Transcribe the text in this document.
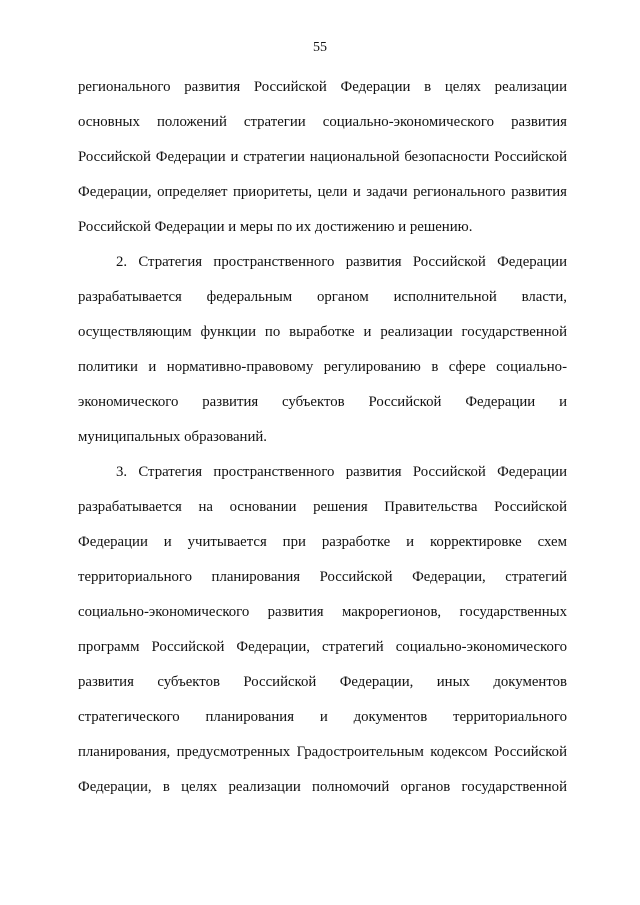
55
регионального развития Российской Федерации в целях реализации
основных положений стратегии социально-экономического развития
Российской Федерации и стратегии национальной безопасности Российской
Федерации, определяет приоритеты, цели и задачи регионального развития
Российской Федерации и меры по их достижению и решению.
2. Стратегия пространственного развития Российской Федерации
разрабатывается федеральным органом исполнительной власти,
осуществляющим функции по выработке и реализации государственной
политики и нормативно-правовому регулированию в сфере социально-
экономического развития субъектов Российской Федерации и
муниципальных образований.
3. Стратегия пространственного развития Российской Федерации
разрабатывается на основании решения Правительства Российской
Федерации и учитывается при разработке и корректировке схем
территориального планирования Российской Федерации, стратегий
социально-экономического развития макрорегионов, государственных
программ Российской Федерации, стратегий социально-экономического
развития субъектов Российской Федерации, иных документов
стратегического планирования и документов территориального
планирования, предусмотренных Градостроительным кодексом Российской
Федерации, в целях реализации полномочий органов государственной
